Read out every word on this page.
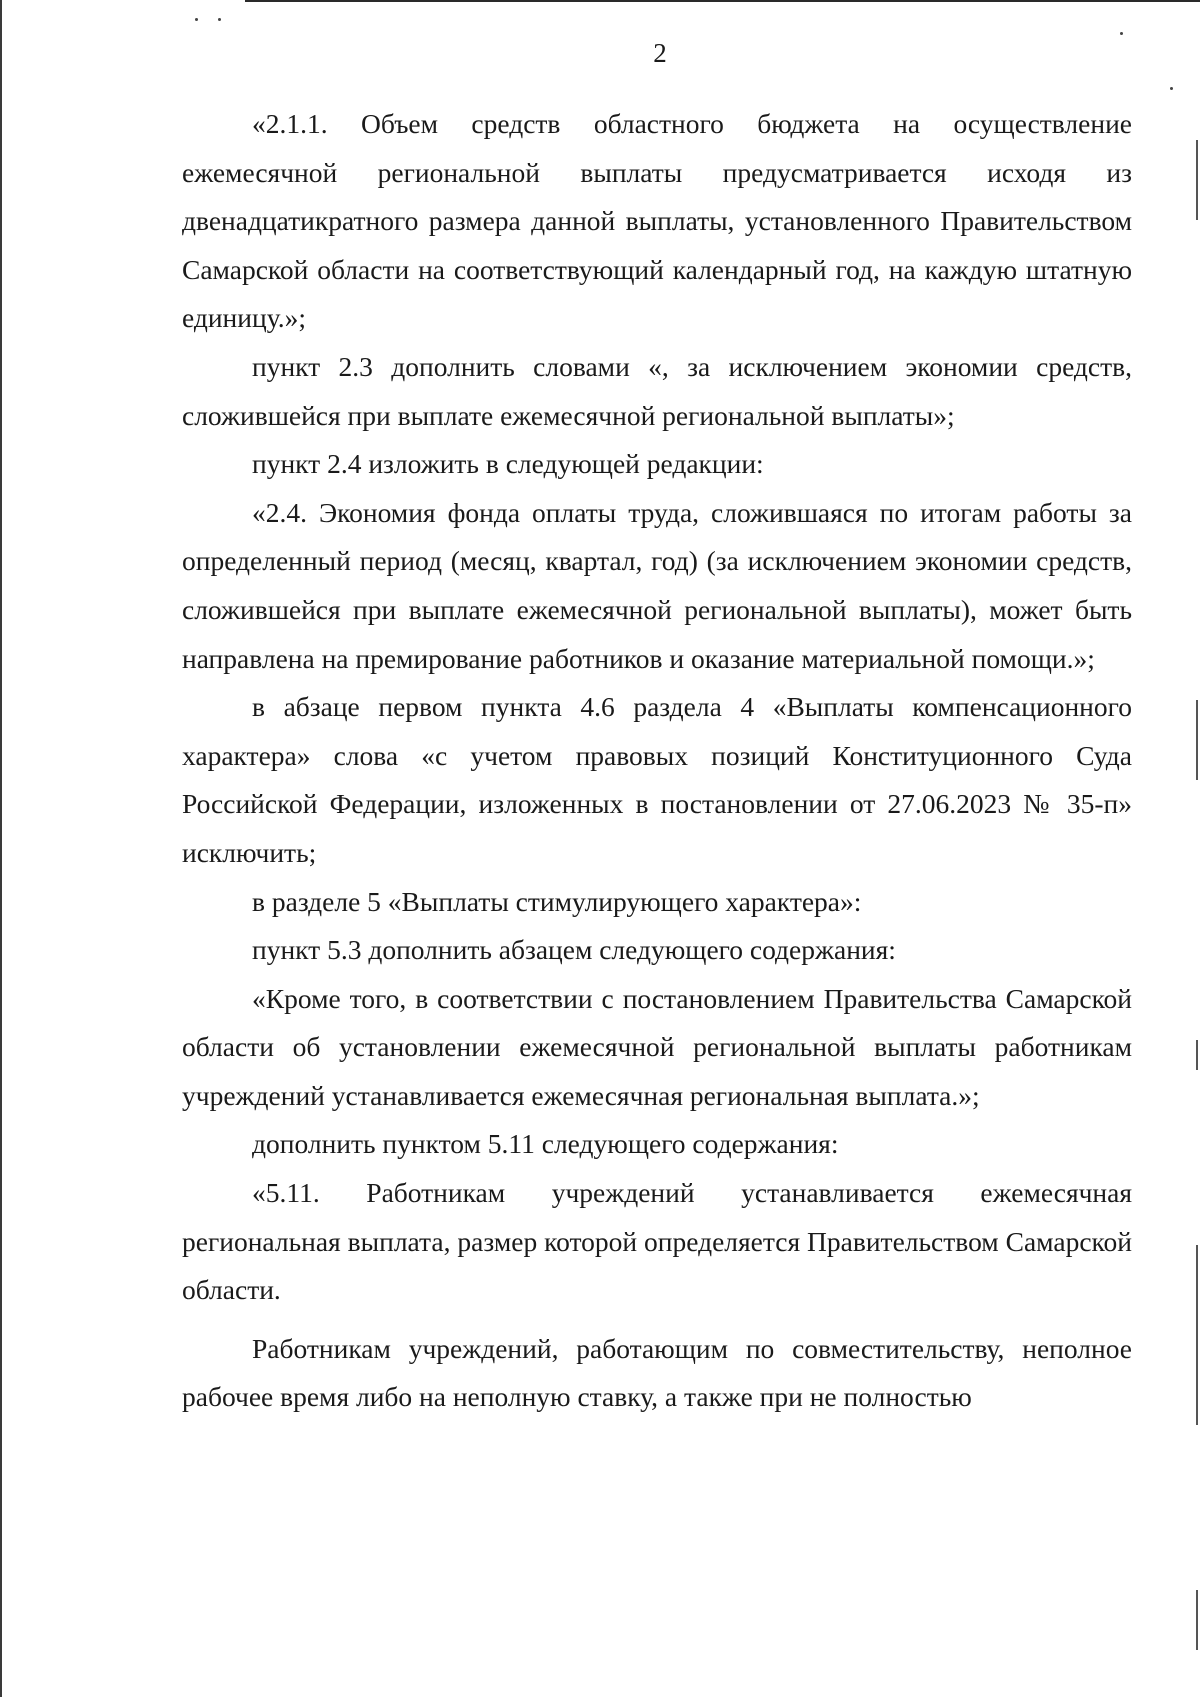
2

«2.1.1. Объем средств областного бюджета на осуществление ежемесячной региональной выплаты предусматривается исходя из двенадцатикратного размера данной выплаты, установленного Правительством Самарской области на соответствующий календарный год, на каждую штатную единицу.»;

пункт 2.3 дополнить словами «, за исключением экономии средств, сложившейся при выплате ежемесячной региональной выплаты»;

пункт 2.4 изложить в следующей редакции:

«2.4. Экономия фонда оплаты труда, сложившаяся по итогам работы за определенный период (месяц, квартал, год) (за исключением экономии средств, сложившейся при выплате ежемесячной региональной выплаты), может быть направлена на премирование работников и оказание материальной помощи.»;

в абзаце первом пункта 4.6 раздела 4 «Выплаты компенсационного характера» слова «с учетом правовых позиций Конституционного Суда Российской Федерации, изложенных в постановлении от 27.06.2023 № 35-п» исключить;

в разделе 5 «Выплаты стимулирующего характера»:

пункт 5.3 дополнить абзацем следующего содержания:

«Кроме того, в соответствии с постановлением Правительства Самарской области об установлении ежемесячной региональной выплаты работникам учреждений устанавливается ежемесячная региональная выплата.»;

дополнить пунктом 5.11 следующего содержания:

«5.11. Работникам учреждений устанавливается ежемесячная региональная выплата, размер которой определяется Правительством Самарской области.

Работникам учреждений, работающим по совместительству, неполное рабочее время либо на неполную ставку, а также при не полностью
